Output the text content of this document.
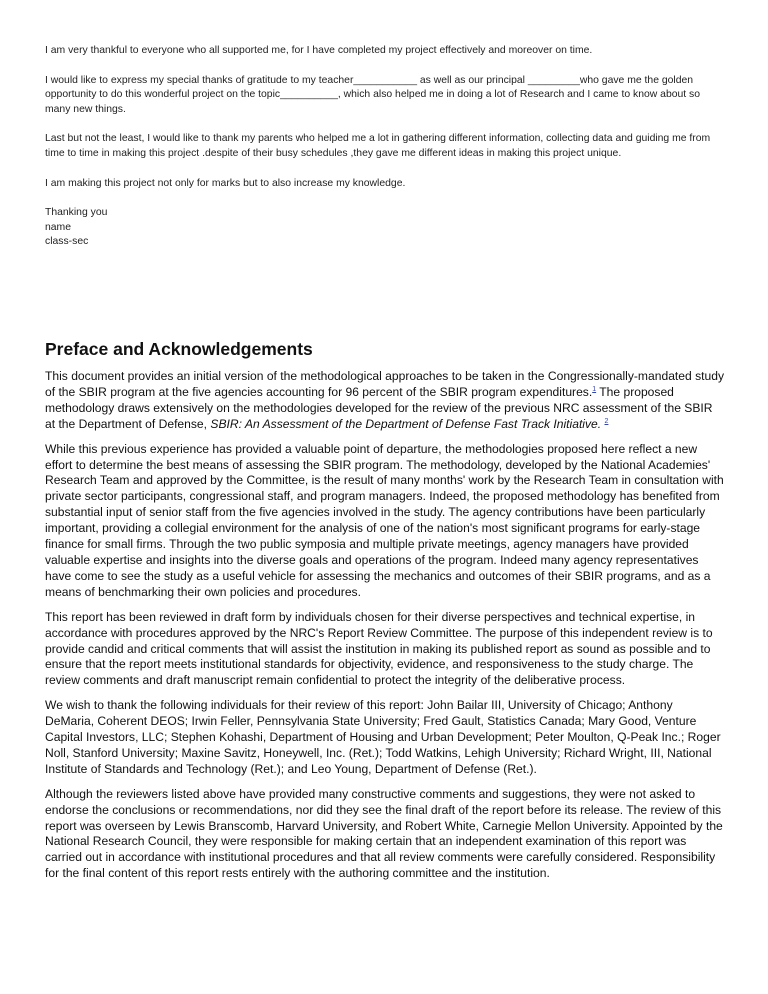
I am very thankful to everyone who all supported me, for I have completed my project effectively and moreover on time.

I would like to express my special thanks of gratitude to my teacher___________ as well as our principal _________who gave me the golden opportunity to do this wonderful project on the topic__________, which also helped me in doing a lot of Research and I came to know about so many new things.

Last but not the least, I would like to thank my parents who helped me a lot in gathering different information, collecting data and guiding me from time to time in making this project .despite of their busy schedules ,they gave me different ideas in making this project unique.

I am making this project not only for marks but to also increase my knowledge.

Thanking you
name
class-sec
Preface and Acknowledgements

This document provides an initial version of the methodological approaches to be taken in the Congressionally-mandated study of the SBIR program at the five agencies accounting for 96 percent of the SBIR program expenditures.$^1$ The proposed methodology draws extensively on the methodologies developed for the review of the previous NRC assessment of the SBIR at the Department of Defense, SBIR: An Assessment of the Department of Defense Fast Track Initiative. $^2$

While this previous experience has provided a valuable point of departure, the methodologies proposed here reflect a new effort to determine the best means of assessing the SBIR program. The methodology, developed by the National Academies' Research Team and approved by the Committee, is the result of many months' work by the Research Team in consultation with private sector participants, congressional staff, and program managers. Indeed, the proposed methodology has benefited from substantial input of senior staff from the five agencies involved in the study. The agency contributions have been particularly important, providing a collegial environment for the analysis of one of the nation's most significant programs for early-stage finance for small firms. Through the two public symposia and multiple private meetings, agency managers have provided valuable expertise and insights into the diverse goals and operations of the program. Indeed many agency representatives have come to see the study as a useful vehicle for assessing the mechanics and outcomes of their SBIR programs, and as a means of benchmarking their own policies and procedures.

This report has been reviewed in draft form by individuals chosen for their diverse perspectives and technical expertise, in accordance with procedures approved by the NRC's Report Review Committee. The purpose of this independent review is to provide candid and critical comments that will assist the institution in making its published report as sound as possible and to ensure that the report meets institutional standards for objectivity, evidence, and responsiveness to the study charge. The review comments and draft manuscript remain confidential to protect the integrity of the deliberative process.

We wish to thank the following individuals for their review of this report: John Bailar III, University of Chicago; Anthony DeMaria, Coherent DEOS; Irwin Feller, Pennsylvania State University; Fred Gault, Statistics Canada; Mary Good, Venture Capital Investors, LLC; Stephen Kohashi, Department of Housing and Urban Development; Peter Moulton, Q-Peak Inc.; Roger Noll, Stanford University; Maxine Savitz, Honeywell, Inc. (Ret.); Todd Watkins, Lehigh University; Richard Wright, III, National Institute of Standards and Technology (Ret.); and Leo Young, Department of Defense (Ret.).

Although the reviewers listed above have provided many constructive comments and suggestions, they were not asked to endorse the conclusions or recommendations, nor did they see the final draft of the report before its release. The review of this report was overseen by Lewis Branscomb, Harvard University, and Robert White, Carnegie Mellon University. Appointed by the National Research Council, they were responsible for making certain that an independent examination of this report was carried out in accordance with institutional procedures and that all review comments were carefully considered. Responsibility for the final content of this report rests entirely with the authoring committee and the institution.
